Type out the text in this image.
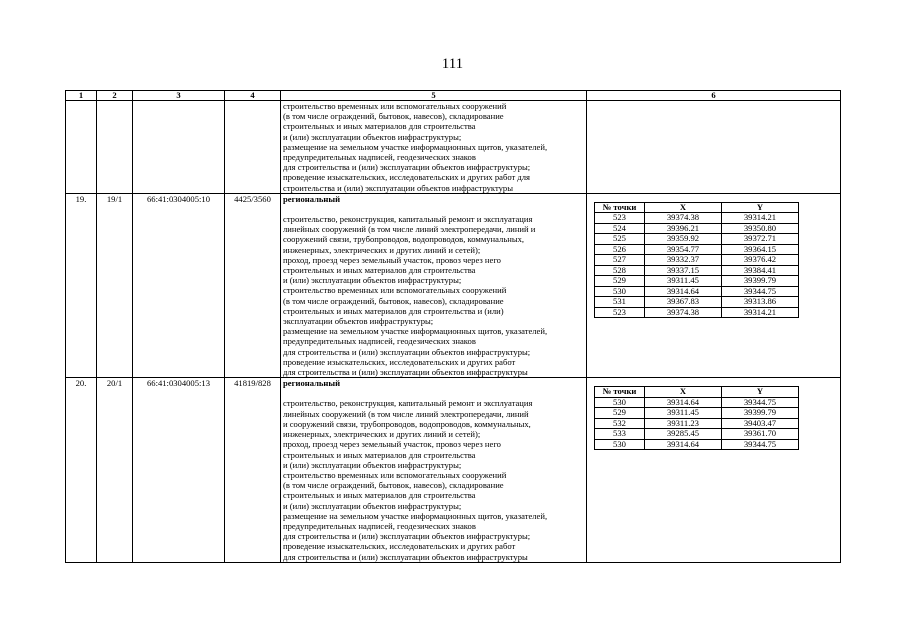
111
1	2	3	4	5	6

строительство временных или вспомогательных сооружений
(в том числе ограждений, бытовок, навесов), складирование
строительных и иных материалов для строительства
и (или) эксплуатации объектов инфраструктуры;
размещение на земельном участке информационных щитов, указателей,
предупредительных надписей, геодезических знаков
для строительства и (или) эксплуатации объектов инфраструктуры;
проведение изыскательских, исследовательских и других работ для
строительства и (или) эксплуатации объектов инфраструктуры

19.	19/1	66:41:0304005:10	4425/3560	региональный
строительство, реконструкция, капитальный ремонт и эксплуатация
линейных сооружений (в том числе линий электропередачи, линий и
сооружений связи, трубопроводов, водопроводов, коммунальных,
инженерных, электрических и других линий и сетей);
проход, проезд через земельный участок, провоз через него
строительных и иных материалов для строительства
и (или) эксплуатации объектов инфраструктуры;
строительство временных или вспомогательных сооружений
(в том числе ограждений, бытовок, навесов), складирование
строительных и иных материалов для строительства и (или)
эксплуатации объектов инфраструктуры;
размещение на земельном участке информационных щитов, указателей,
предупредительных надписей, геодезических знаков
для строительства и (или) эксплуатации объектов инфраструктуры;
проведение изыскательских, исследовательских и других работ
для строительства и (или) эксплуатации объектов инфраструктуры

№ точки	X	Y
523	39374.38	39314.21
524	39396.21	39350.80
525	39359.92	39372.71
526	39354.77	39364.15
527	39332.37	39376.42
528	39337.15	39384.41
529	39311.45	39399.79
530	39314.64	39344.75
531	39367.83	39313.86
523	39374.38	39314.21

20.	20/1	66:41:0304005:13	41819/828	региональный
строительство, реконструкция, капитальный ремонт и эксплуатация
линейных сооружений (в том числе линий электропередачи, линий
и сооружений связи, трубопроводов, водопроводов, коммунальных,
инженерных, электрических и других линий и сетей);
проход, проезд через земельный участок, провоз через него
строительных и иных материалов для строительства
и (или) эксплуатации объектов инфраструктуры;
строительство временных или вспомогательных сооружений
(в том числе ограждений, бытовок, навесов), складирование
строительных и иных материалов для строительства
и (или) эксплуатации объектов инфраструктуры;
размещение на земельном участке информационных щитов, указателей,
предупредительных надписей, геодезических знаков
для строительства и (или) эксплуатации объектов инфраструктуры;
проведение изыскательских, исследовательских и других работ
для строительства и (или) эксплуатации объектов инфраструктуры

№ точки	X	Y
530	39314.64	39344.75
529	39311.45	39399.79
532	39311.23	39403.47
533	39285.45	39361.70
530	39314.64	39344.75
